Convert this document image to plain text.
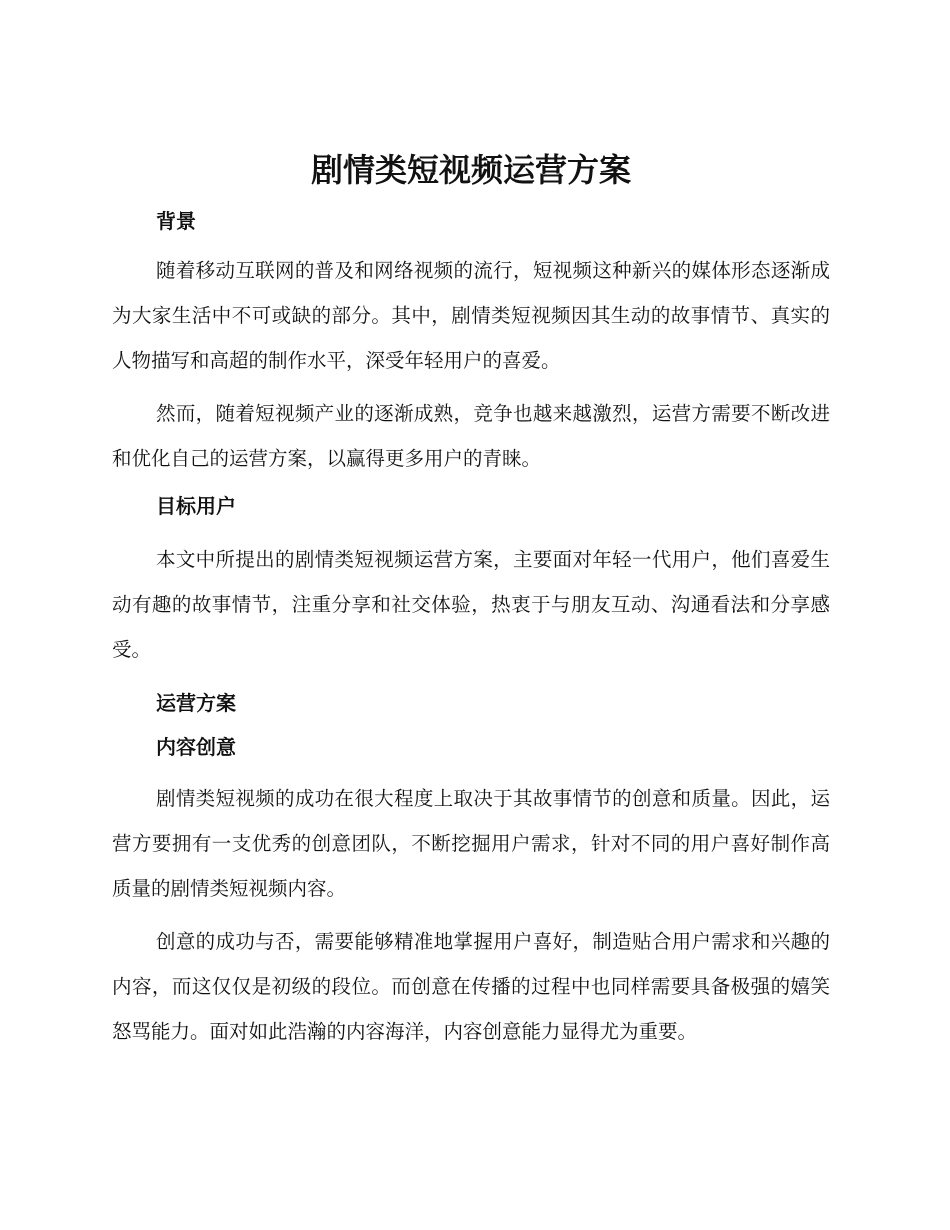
剧情类短视频运营方案
背景

随着移动互联网的普及和网络视频的流行，短视频这种新兴的媒体形态逐渐成为大家生活中不可或缺的部分。其中，剧情类短视频因其生动的故事情节、真实的人物描写和高超的制作水平，深受年轻用户的喜爱。

然而，随着短视频产业的逐渐成熟，竞争也越来越激烈，运营方需要不断改进和优化自己的运营方案，以赢得更多用户的青睐。

目标用户

本文中所提出的剧情类短视频运营方案，主要面对年轻一代用户，他们喜爱生动有趣的故事情节，注重分享和社交体验，热衷于与朋友互动、沟通看法和分享感受。

运营方案
内容创意

剧情类短视频的成功在很大程度上取决于其故事情节的创意和质量。因此，运营方要拥有一支优秀的创意团队，不断挖掘用户需求，针对不同的用户喜好制作高质量的剧情类短视频内容。

创意的成功与否，需要能够精准地掌握用户喜好，制造贴合用户需求和兴趣的内容，而这仅仅是初级的段位。而创意在传播的过程中也同样需要具备极强的嬉笑怒骂能力。面对如此浩瀚的内容海洋，内容创意能力显得尤为重要。
